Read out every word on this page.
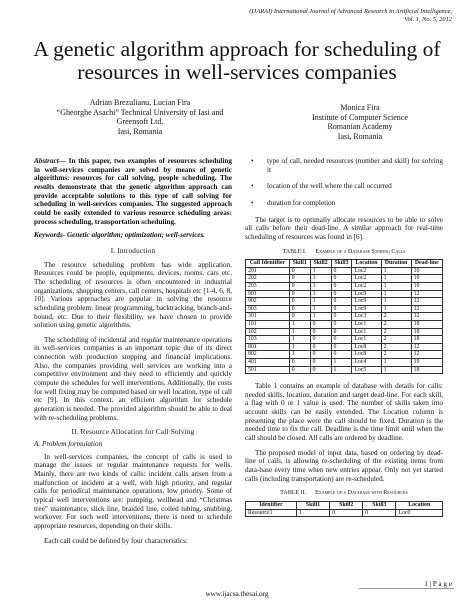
(IJARAI) International Journal of Advanced Research in Artificial Intelligence,
Vol. 1, No. 5, 2012
A genetic algorithm approach for scheduling of
resources in well-services companies
Adrian Brezulianu, Lucian Fira
“Gheorghe Asachi” Technical University of Iasi and
Greensoft Ltd.
Iasi, Romania
Monica Fira
Institute of Computer Science
Romanian Academy
Iasi, Romania

Abstract— In this paper, two examples of resources scheduling in well-services companies are solved by means of genetic algorithms: resources for call solving, people scheduling. The results demonstrate that the genetic algorithm approach can provide acceptable solutions to this type of call solving for scheduling in well-services companies. The suggested approach could be easily extended to various resource scheduling areas: process scheduling, transportation scheduling.

Keywords- Genetic algorithm; optimization; well-services.

I. Introduction

The resource scheduling problem has wide application. Resources could be people, equipments, devices, rooms, cars etc. The scheduling of resources is often encountered in industrial organizations, shopping centers, call centers, hospitals etc [1-4, 6, 8, 10]. Various approaches are popular in solving the resource scheduling problem: linear programming, backtracking, branch-and-bound, etc. Due to their flexibility, we have chosen to provide solution using genetic algorithms.

The scheduling of incidental and regular maintenance operations in well-services companies is an important topic due of its direct connection with production stopping and financial implications. Also, the companies providing well services are working into a competitive environment and they need to efficiently and quickly compute the schedules for well interventions. Additionally, the costs for well fixing may be computed based on well location, type of call etc [9]. In this context, an efficient algorithm for schedule generation is needed. The provided algorithm should be able to deal with re-scheduling problems.

II. Resource Allocation for Call Solving

A. Problem formulation

In well-services companies, the concept of calls is used to manage the issues or regular maintenance requests for wells. Mainly, there are two kinds of calls: incident calls arisen from a malfunction or incident at a well, with high priority, and regular calls for periodical maintenance operations, low priority. Some of typical well interventions are: pumping, wellhead and “Christmas tree” maintenance, slick line, braided line, coiled tubing, snubbing, workover. For such well interventions, there is need to schedule appropriate resources, depending on their skills.

Each call could be defined by four characteristics:

• type of call, needed resources (number and skill) for solving it
• location of the well where the call occurred
• duration for completion

The target is to optimally allocate resources to be able to solve all calls before their dead-line. A similar approach for real-time scheduling of resources was found in [6].

TABLE I. Example of a Database Storing Calls
Call Identifier	Skill1	Skill2	Skill3	Location	Duration	Dead-line
201	0	1	0	Loc2	1	10
202	0	1	0	Loc2	1	10
203	0	1	0	Loc2	1	10
901	0	1	0	Loc9	1	12
902	0	1	0	Loc9	1	12
903	0	1	0	Loc9	1	12
301	0	1	0	Loc3	2	12
101	1	0	0	Loc1	2	18
102	1	0	0	Loc1	2	18
103	1	0	0	Loc1	2	18
801	1	0	0	Loc8	2	12
802	1	0	0	Loc8	2	12
401	0	0	1	Loc4	1	19
501	0	0	1	Loc5	1	18

Table 1 contains an example of database with details for calls: needed skills, location, duration and target dead-line. For each skill, a flag with 0 or 1 value is used. The number of skills taken into account skills can be easily extended. The Location column is presenting the place were the call should be fixed. Duration is the needed time to fix the call. Deadline is the time limit until when the call should be closed. All calls are ordered by deadline.

The proposed model of input data, based on ordering by dead-line of calls, is allowing re-scheduling of the existing items from data-base every time when new entries appear. Only not yet started calls (including transportation) are re-scheduled.

TABLE II. Example of a Database with Resources
Identifier	Skill1	Skill2	Skill3	Location
Resource1	1	0	0	Loc0
1 | P a g e
www.ijacsa.thesai.org
